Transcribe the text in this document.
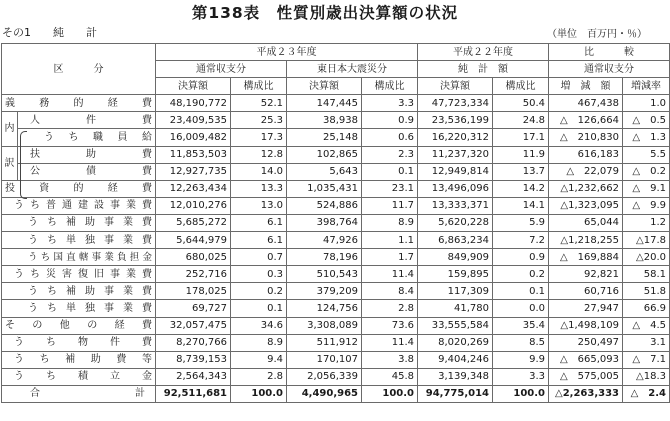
第138表　性質別歳出決算額の状況
その1　　純　　計	（単位　百万円・％）
区　　　分		平成２３年度				平成２２年度		比　　　較	
		通常収支分		東日本大震災分		純　計　額		通常収支分	
		決算額	構成比	決算額	構成比	決算額	構成比	増　減　額	増減率
義務的経費		48,190,772	52.1	147,445	3.3	47,723,334	50.4	467,438	1.0
内	人件費	23,409,535	25.3	38,938	0.9	23,536,199	24.8	△　126,664	△　0.5
	うち職員給	16,009,482	17.3	25,148	0.6	16,220,312	17.1	△　210,830	△　1.3
訳	扶助費	11,853,503	12.8	102,865	2.3	11,237,320	11.9	616,183	5.5
	公債費	12,927,735	14.0	5,643	0.1	12,949,814	13.7	△　22,079	△　0.2
投資的経費		12,263,434	13.3	1,035,431	23.1	13,496,096	14.2	△1,232,662	△　9.1
うち普通建設事業費		12,010,276	13.0	524,886	11.7	13,333,371	14.1	△1,323,095	△　9.9
うち補助事業費		5,685,272	6.1	398,764	8.9	5,620,228	5.9	65,044	1.2
うち単独事業費		5,644,979	6.1	47,926	1.1	6,863,234	7.2	△1,218,255	△17.8
うち国直轄事業負担金		680,025	0.7	78,196	1.7	849,909	0.9	△　169,884	△20.0
うち災害復旧事業費		252,716	0.3	510,543	11.4	159,895	0.2	92,821	58.1
うち補助事業費		178,025	0.2	379,209	8.4	117,309	0.1	60,716	51.8
うち単独事業費		69,727	0.1	124,756	2.8	41,780	0.0	27,947	66.9
その他の経費		32,057,475	34.6	3,308,089	73.6	33,555,584	35.4	△1,498,109	△　4.5
うち物件費		8,270,766	8.9	511,912	11.4	8,020,269	8.5	250,497	3.1
うち補助費等		8,739,153	9.4	170,107	3.8	9,404,246	9.9	△　665,093	△　7.1
うち積立金		2,564,343	2.8	2,056,339	45.8	3,139,348	3.3	△　575,005	△18.3
合計		92,511,681	100.0	4,490,965	100.0	94,775,014	100.0	△2,263,333	△　2.4
